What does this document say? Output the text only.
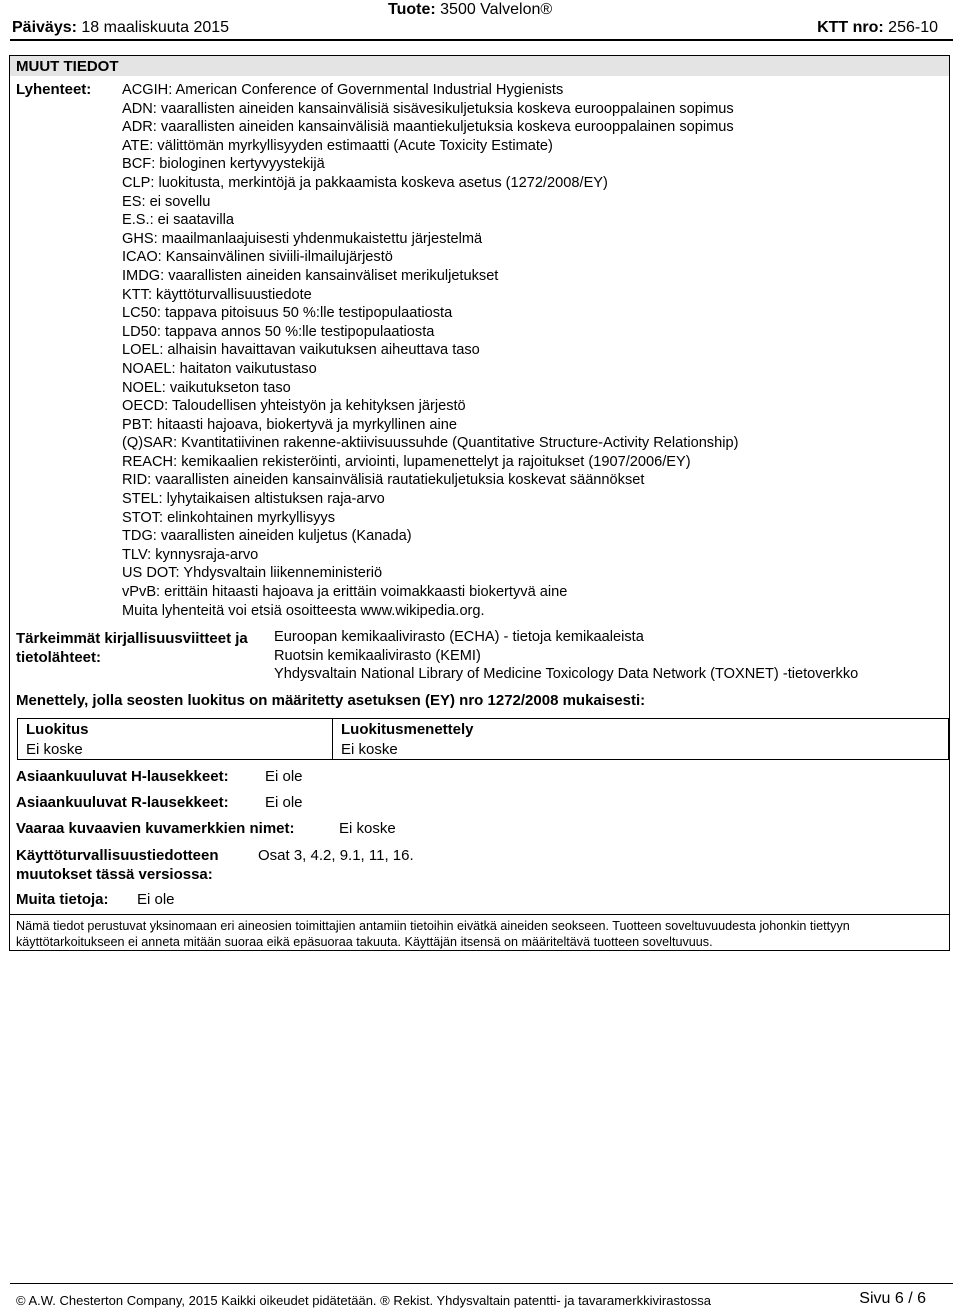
Päiväys: 18 maaliskuuta 2015
Tuote: 3500 Valvelon®
KTT nro: 256-10
MUUT TIEDOT
Lyhenteet: ACGIH: American Conference of Governmental Industrial Hygienists
ADN: vaarallisten aineiden kansainvälisiä sisävesikuljetuksia koskeva eurooppalainen sopimus
ADR: vaarallisten aineiden kansainvälisiä maantiekuljetuksia koskeva eurooppalainen sopimus
ATE: välittömän myrkyllisyyden estimaatti (Acute Toxicity Estimate)
BCF: biologinen kertyvyystekijä
CLP: luokitusta, merkintöjä ja pakkaamista koskeva asetus (1272/2008/EY)
ES: ei sovellu
E.S.: ei saatavilla
GHS: maailmanlaajuisesti yhdenmukaistettu järjestelmä
ICAO: Kansainvälinen siviili-ilmailujärjestö
IMDG: vaarallisten aineiden kansainväliset merikuljetukset
KTT: käyttöturvallisuustiedote
LC50: tappava pitoisuus 50 %:lle testipopulaatiosta
LD50: tappava annos 50 %:lle testipopulaatiosta
LOEL: alhaisin havaittavan vaikutuksen aiheuttava taso
NOAEL: haitaton vaikutustaso
NOEL: vaikutukseton taso
OECD: Taloudellisen yhteistyön ja kehityksen järjestö
PBT: hitaasti hajoava, biokertyvä ja myrkyllinen aine
(Q)SAR: Kvantitatiivinen rakenne-aktiivisuussuhde (Quantitative Structure-Activity Relationship)
REACH: kemikaalien rekisteröinti, arviointi, lupamenettelyt ja rajoitukset (1907/2006/EY)
RID: vaarallisten aineiden kansainvälisiä rautatiekuljetuksia koskevat säännökset
STEL: lyhytaikaisen altistuksen raja-arvo
STOT: elinkohtainen myrkyllisyys
TDG: vaarallisten aineiden kuljetus (Kanada)
TLV: kynnysraja-arvo
US DOT: Yhdysvaltain liikenneministeriö
vPvB: erittäin hitaasti hajoava ja erittäin voimakkaasti biokertyvä aine
Muita lyhenteitä voi etsiä osoitteesta www.wikipedia.org.
Tärkeimmät kirjallisuusviitteet ja tietolähteet:
Euroopan kemikaalivirasto (ECHA) - tietoja kemikaaleista
Ruotsin kemikaalivirasto (KEMI)
Yhdysvaltain National Library of Medicine Toxicology Data Network (TOXNET) -tietoverkko
Menettely, jolla seosten luokitus on määritetty asetuksen (EY) nro 1272/2008 mukaisesti:
Luokitus	Luokitusmenettely
Ei koske	Ei koske
Asiaankuuluvat H-lausekkeet: Ei ole
Asiaankuuluvat R-lausekkeet: Ei ole
Vaaraa kuvaavien kuvamerkkien nimet:	Ei koske
Käyttöturvallisuustiedotteen muutokset tässä versiossa:
Osat 3, 4.2, 9.1, 11, 16.
Muita tietoja: Ei ole
Nämä tiedot perustuvat yksinomaan eri aineosien toimittajien antamiin tietoihin eivätkä aineiden seokseen. Tuotteen soveltuvuudesta johonkin tiettyyn käyttötarkoitukseen ei anneta mitään suoraa eikä epäsuoraa takuuta. Käyttäjän itsensä on määriteltävä tuotteen soveltuvuus.
© A.W. Chesterton Company, 2015 Kaikki oikeudet pidätetään. ® Rekist. Yhdysvaltain patentti- ja tavaramerkkivirastossa	Sivu 6 / 6
